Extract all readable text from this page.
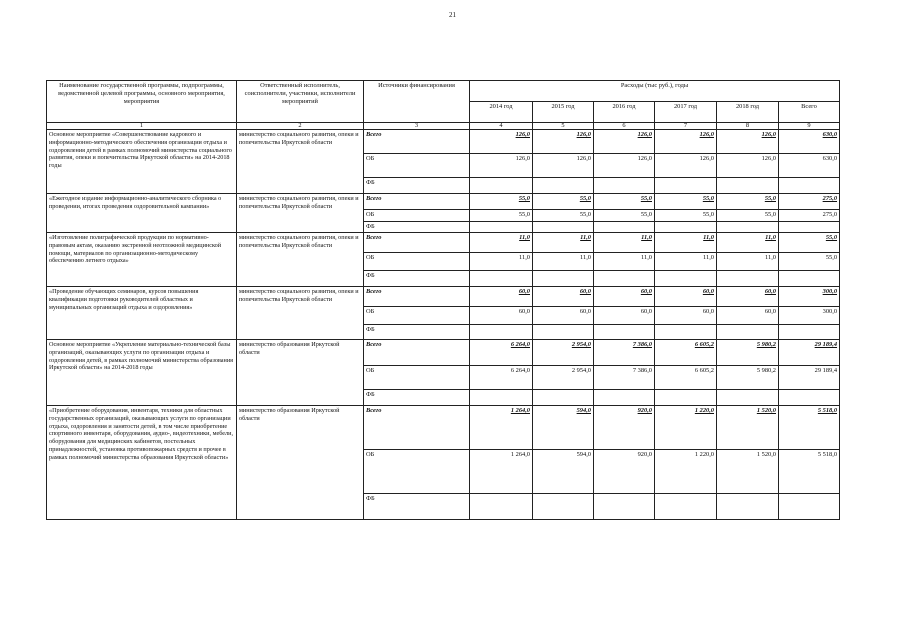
21
Наименование государственной программы, подпрограммы, ведомственной целевой программы, основного мероприятия, мероприятия	Ответственный исполнитель, соисполнители, участники, исполнители мероприятий	Источники финансирования	Расходы (тыс руб.), годы					
			2014 год	2015 год	2016 год	2017 год	2018 год	Всего
1	2	3	4	5	6	7	8	9
Основное мероприятие «Совершенствование кадрового и информационно-методического обеспечения организации отдыха и оздоровления детей в рамках полномочий министерства социального развития, опеки и попечительства Иркутской области» на 2014-2018 годы	министерство социального развития, опеки и попечительства Иркутской области	Всего	126,0	126,0	126,0	126,0	126,0	630,0
		ОБ	126,0	126,0	126,0	126,0	126,0	630,0
		ФБ						
«Ежегодное издание информационно-аналитического сборника о проведении, итогах проведения оздоровительной кампании»	министерство социального развития, опеки и попечительства Иркутской области	Всего	55,0	55,0	55,0	55,0	55,0	275,0
		ОБ	55,0	55,0	55,0	55,0	55,0	275,0
		ФБ						
«Изготовление полиграфической продукции по нормативно-правовым актам, оказанию экстренной неотложной медицинской помощи, материалов по организационно-методическому обеспечению летнего отдыха»	министерство социального развития, опеки и попечительства Иркутской области	Всего	11,0	11,0	11,0	11,0	11,0	55,0
		ОБ	11,0	11,0	11,0	11,0	11,0	55,0
		ФБ						
«Проведение обучающих семинаров, курсов повышения квалификации подготовки руководителей областных и муниципальных организаций отдыха и оздоровления»	министерство социального развития, опеки и попечительства Иркутской области	Всего	60,0	60,0	60,0	60,0	60,0	300,0
		ОБ	60,0	60,0	60,0	60,0	60,0	300,0
		ФБ						
Основное мероприятие «Укрепление материально-технической базы организаций, оказывающих услуги по организации отдыха и оздоровления детей, в рамках полномочий министерства образования Иркутской области» на 2014-2018 годы	министерство образования Иркутской области	Всего	6 264,0	2 954,0	7 386,0	6 605,2	5 980,2	29 189,4
		ОБ	6 264,0	2 954,0	7 386,0	6 605,2	5 980,2	29 189,4
		ФБ						
«Приобретение оборудования, инвентаря, техники для областных государственных организаций, оказывающих услуги по организации отдыха, оздоровления и занятости детей, в том числе приобретение спортивного инвентаря, оборудования, аудио-, видеотехники, мебели, оборудования для медицинских кабинетов, постельных принадлежностей, установка противопожарных средств и прочее в рамках полномочий министерства образования Иркутской области»	министерство образования Иркутской области	Всего	1 264,0	594,0	920,0	1 220,0	1 520,0	5 518,0
		ОБ	1 264,0	594,0	920,0	1 220,0	1 520,0	5 518,0
		ФБ						
